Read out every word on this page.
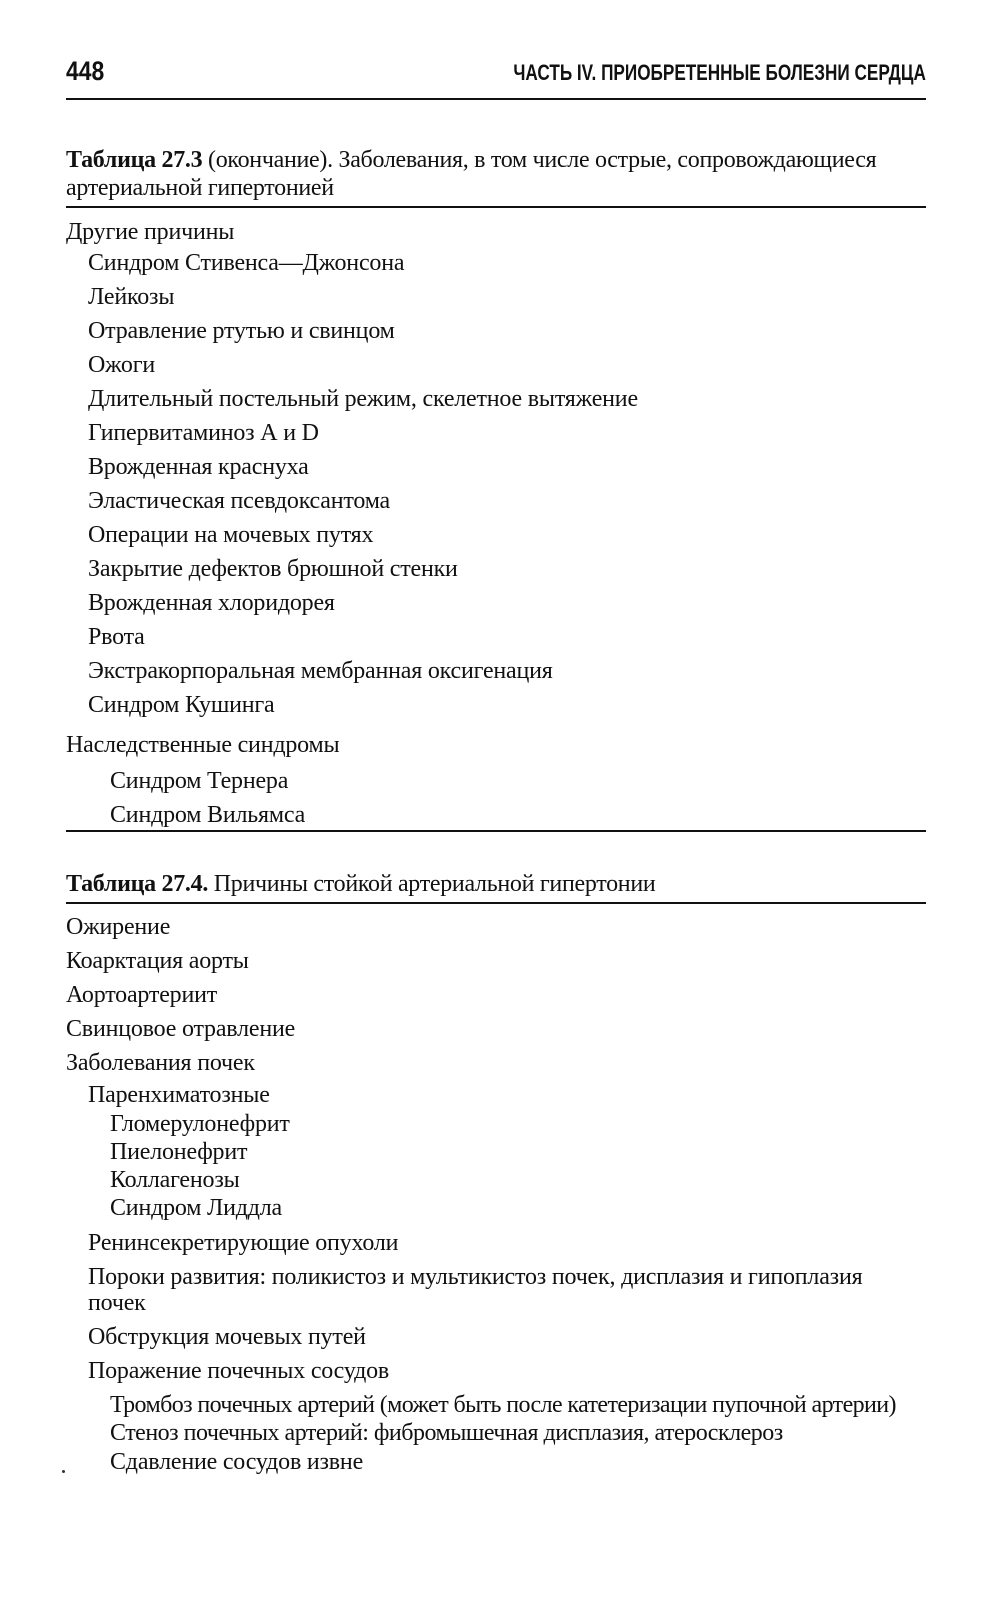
448	ЧАСТЬ IV. ПРИОБРЕТЕННЫЕ БОЛЕЗНИ СЕРДЦА
Таблица 27.3 (окончание). Заболевания, в том числе острые, сопровождающиеся артериальной гипертонией
Другие причины
Синдром Стивенса—Джонсона
Лейкозы
Отравление ртутью и свинцом
Ожоги
Длительный постельный режим, скелетное вытяжение
Гипервитаминоз А и D
Врожденная краснуха
Эластическая псевдоксантома
Операции на мочевых путях
Закрытие дефектов брюшной стенки
Врожденная хлоридорея
Рвота
Экстракорпоральная мембранная оксигенация
Синдром Кушинга
Наследственные синдромы
Синдром Тернера
Синдром Вильямса
Таблица 27.4. Причины стойкой артериальной гипертонии
Ожирение
Коарктация аорты
Аортоартериит
Свинцовое отравление
Заболевания почек
Паренхиматозные
Гломерулонефрит
Пиелонефрит
Коллагенозы
Синдром Лиддла
Ренинсекретирующие опухоли
Пороки развития: поликистоз и мультикистоз почек, дисплазия и гипоплазия почек
Обструкция мочевых путей
Поражение почечных сосудов
Тромбоз почечных артерий (может быть после катетеризации пупочной артерии)
Стеноз почечных артерий: фибромышечная дисплазия, атеросклероз
Сдавление сосудов извне
